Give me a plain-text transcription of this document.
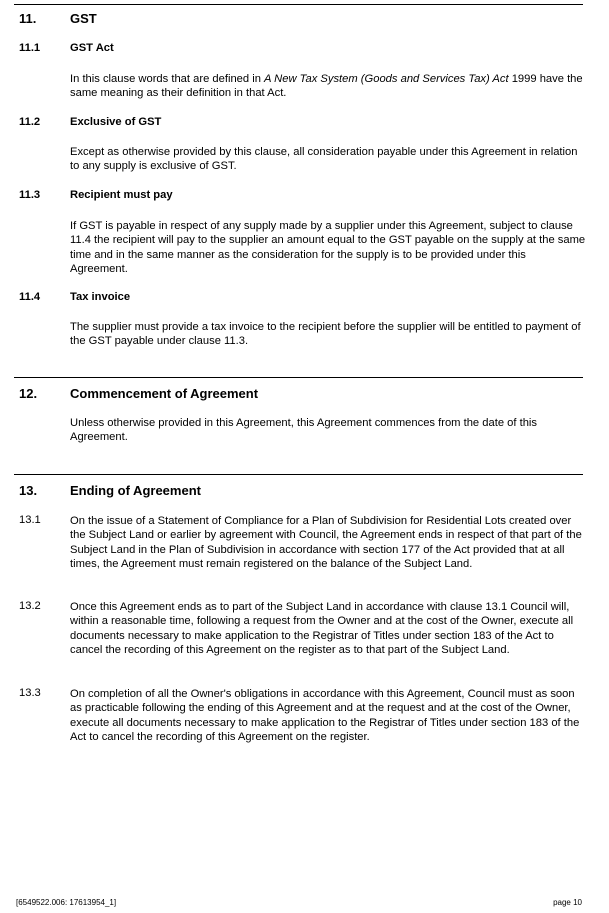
11.	GST
11.1	GST Act
In this clause words that are defined in A New Tax System (Goods and Services Tax) Act 1999 have the same meaning as their definition in that Act.
11.2	Exclusive of GST
Except as otherwise provided by this clause, all consideration payable under this Agreement in relation to any supply is exclusive of GST.
11.3	Recipient must pay
If GST is payable in respect of any supply made by a supplier under this Agreement, subject to clause 11.4 the recipient will pay to the supplier an amount equal to the GST payable on the supply at the same time and in the same manner as the consideration for the supply is to be provided under this Agreement.
11.4	Tax invoice
The supplier must provide a tax invoice to the recipient before the supplier will be entitled to payment of the GST payable under clause 11.3.
12.	Commencement of Agreement
Unless otherwise provided in this Agreement, this Agreement commences from the date of this Agreement.
13.	Ending of Agreement
13.1	On the issue of a Statement of Compliance for a Plan of Subdivision for Residential Lots created over the Subject Land or earlier by agreement with Council, the Agreement ends in respect of that part of the Subject Land in the Plan of Subdivision in accordance with section 177 of the Act provided that at all times, the Agreement must remain registered on the balance of the Subject Land.
13.2	Once this Agreement ends as to part of the Subject Land in accordance with clause 13.1 Council will, within a reasonable time, following a request from the Owner and at the cost of the Owner, execute all documents necessary to make application to the Registrar of Titles under section 183 of the Act to cancel the recording of this Agreement on the register as to that part of the Subject Land.
13.3	On completion of all the Owner's obligations in accordance with this Agreement, Council must as soon as practicable following the ending of this Agreement and at the request and at the cost of the Owner, execute all documents necessary to make application to the Registrar of Titles under section 183 of the Act to cancel the recording of this Agreement on the register.
[6549522.006: 17613954_1]	page 10
